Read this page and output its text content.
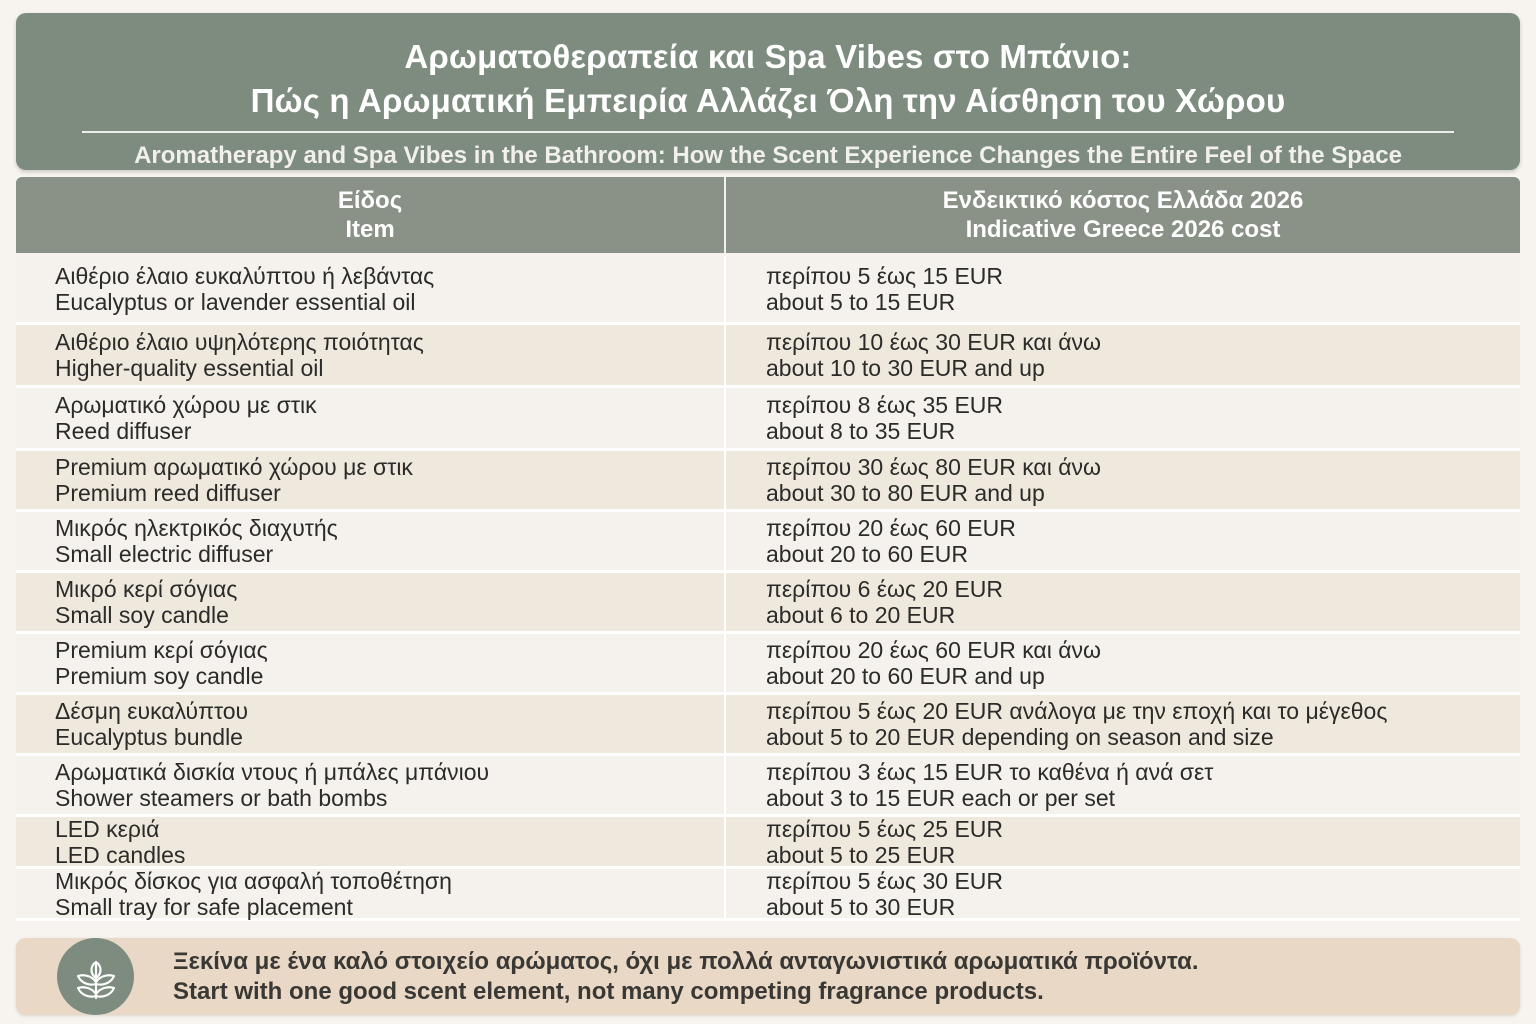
Αρωματοθεραπεία και Spa Vibes στο Μπάνιο:
Πώς η Αρωματική Εμπειρία Αλλάζει Όλη την Αίσθηση του Χώρου
Aromatherapy and Spa Vibes in the Bathroom: How the Scent Experience Changes the Entire Feel of the Space
Είδος
Item
Ενδεικτικό κόστος Ελλάδα 2026
Indicative Greece 2026 cost
Αιθέριο έλαιο ευκαλύπτου ή λεβάντας
Eucalyptus or lavender essential oil
περίπου 5 έως 15 EUR
about 5 to 15 EUR
Αιθέριο έλαιο υψηλότερης ποιότητας
Higher-quality essential oil
περίπου 10 έως 30 EUR και άνω
about 10 to 30 EUR and up
Αρωματικό χώρου με στικ
Reed diffuser
περίπου 8 έως 35 EUR
about 8 to 35 EUR
Premium αρωματικό χώρου με στικ
Premium reed diffuser
περίπου 30 έως 80 EUR και άνω
about 30 to 80 EUR and up
Μικρός ηλεκτρικός διαχυτής
Small electric diffuser
περίπου 20 έως 60 EUR
about 20 to 60 EUR
Μικρό κερί σόγιας
Small soy candle
περίπου 6 έως 20 EUR
about 6 to 20 EUR
Premium κερί σόγιας
Premium soy candle
περίπου 20 έως 60 EUR και άνω
about 20 to 60 EUR and up
Δέσμη ευκαλύπτου
Eucalyptus bundle
περίπου 5 έως 20 EUR ανάλογα με την εποχή και το μέγεθος
about 5 to 20 EUR depending on season and size
Αρωματικά δισκία ντους ή μπάλες μπάνιου
Shower steamers or bath bombs
περίπου 3 έως 15 EUR το καθένα ή ανά σετ
about 3 to 15 EUR each or per set
LED κεριά
LED candles
περίπου 5 έως 25 EUR
about 5 to 25 EUR
Μικρός δίσκος για ασφαλή τοποθέτηση
Small tray for safe placement
περίπου 5 έως 30 EUR
about 5 to 30 EUR
Ξεκίνα με ένα καλό στοιχείο αρώματος, όχι με πολλά ανταγωνιστικά αρωματικά προϊόντα.
Start with one good scent element, not many competing fragrance products.
